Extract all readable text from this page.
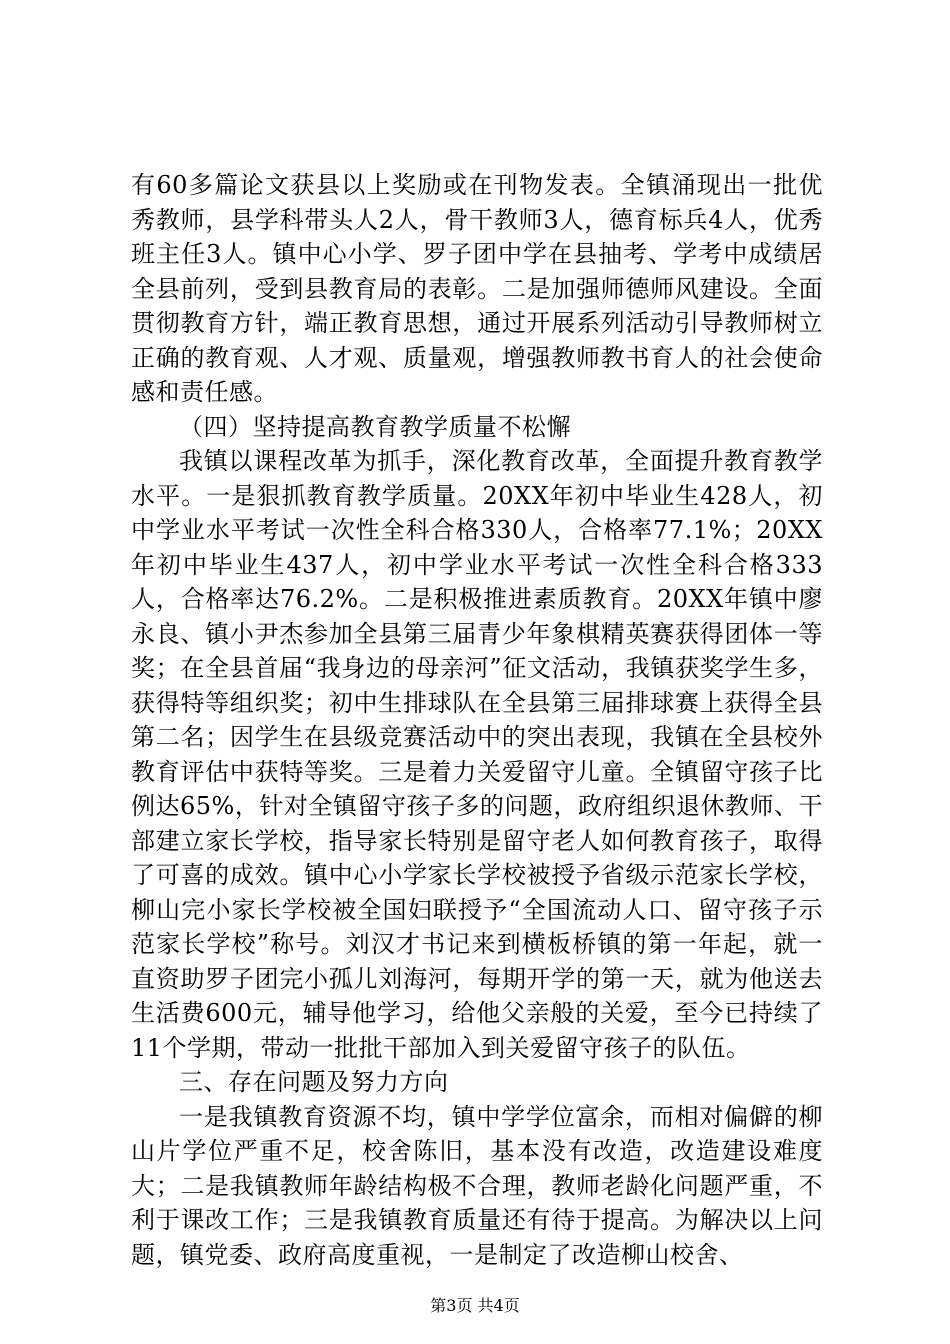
有60多篇论文获县以上奖励或在刊物发表。全镇涌现出一批优秀教师，县学科带头人2人，骨干教师3人，德育标兵4人，优秀班主任3人。镇中心小学、罗子团中学在县抽考、学考中成绩居全县前列，受到县教育局的表彰。二是加强师德师风建设。全面贯彻教育方针，端正教育思想，通过开展系列活动引导教师树立正确的教育观、人才观、质量观，增强教师教书育人的社会使命感和责任感。

（四）坚持提高教育教学质量不松懈

我镇以课程改革为抓手，深化教育改革，全面提升教育教学水平。一是狠抓教育教学质量。20XX年初中毕业生428人，初中学业水平考试一次性全科合格330人，合格率77.1%；20XX年初中毕业生437人，初中学业水平考试一次性全科合格333人，合格率达76.2%。二是积极推进素质教育。20XX年镇中廖永良、镇小尹杰参加全县第三届青少年象棋精英赛获得团体一等奖；在全县首届“我身边的母亲河”征文活动，我镇获奖学生多，获得特等组织奖；初中生排球队在全县第三届排球赛上获得全县第二名；因学生在县级竞赛活动中的突出表现，我镇在全县校外教育评估中获特等奖。三是着力关爱留守儿童。全镇留守孩子比例达65%，针对全镇留守孩子多的问题，政府组织退休教师、干部建立家长学校，指导家长特别是留守老人如何教育孩子，取得了可喜的成效。镇中心小学家长学校被授予省级示范家长学校，柳山完小家长学校被全国妇联授予“全国流动人口、留守孩子示范家长学校”称号。刘汉才书记来到横板桥镇的第一年起，就一直资助罗子团完小孤儿刘海河，每期开学的第一天，就为他送去生活费600元，辅导他学习，给他父亲般的关爱，至今已持续了11个学期，带动一批批干部加入到关爱留守孩子的队伍。

三、存在问题及努力方向

一是我镇教育资源不均，镇中学学位富余，而相对偏僻的柳山片学位严重不足，校舍陈旧，基本没有改造，改造建设难度大；二是我镇教师年龄结构极不合理，教师老龄化问题严重，不利于课改工作；三是我镇教育质量还有待于提高。为解决以上问题，镇党委、政府高度重视，一是制定了改造柳山校舍、

第3页 共4页
